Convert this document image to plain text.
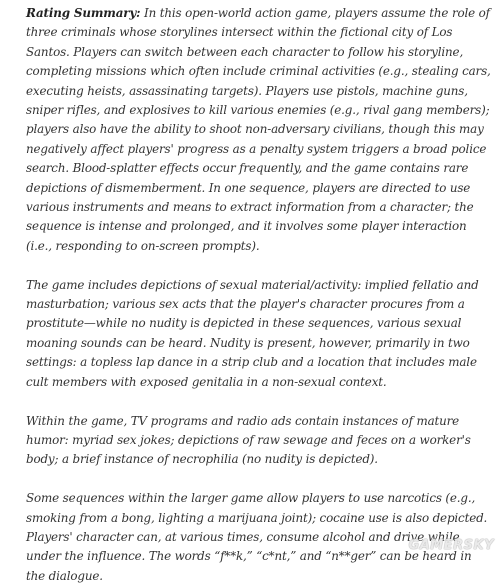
Rating Summary: In this open-world action game, players assume the role of three criminals whose storylines intersect within the fictional city of Los Santos. Players can switch between each character to follow his storyline, completing missions which often include criminal activities (e.g., stealing cars, executing heists, assassinating targets). Players use pistols, machine guns, sniper rifles, and explosives to kill various enemies (e.g., rival gang members); players also have the ability to shoot non-adversary civilians, though this may negatively affect players' progress as a penalty system triggers a broad police search. Blood-splatter effects occur frequently, and the game contains rare depictions of dismemberment. In one sequence, players are directed to use various instruments and means to extract information from a character; the sequence is intense and prolonged, and it involves some player interaction (i.e., responding to on-screen prompts).

The game includes depictions of sexual material/activity: implied fellatio and masturbation; various sex acts that the player's character procures from a prostitute—while no nudity is depicted in these sequences, various sexual moaning sounds can be heard. Nudity is present, however, primarily in two settings: a topless lap dance in a strip club and a location that includes male cult members with exposed genitalia in a non-sexual context.

Within the game, TV programs and radio ads contain instances of mature humor: myriad sex jokes; depictions of raw sewage and feces on a worker's body; a brief instance of necrophilia (no nudity is depicted).

Some sequences within the larger game allow players to use narcotics (e.g., smoking from a bong, lighting a marijuana joint); cocaine use is also depicted. Players' character can, at various times, consume alcohol and drive while under the influence. The words “f**k,” “c*nt,” and “n**ger” can be heard in the dialogue.

GAMERSKY
